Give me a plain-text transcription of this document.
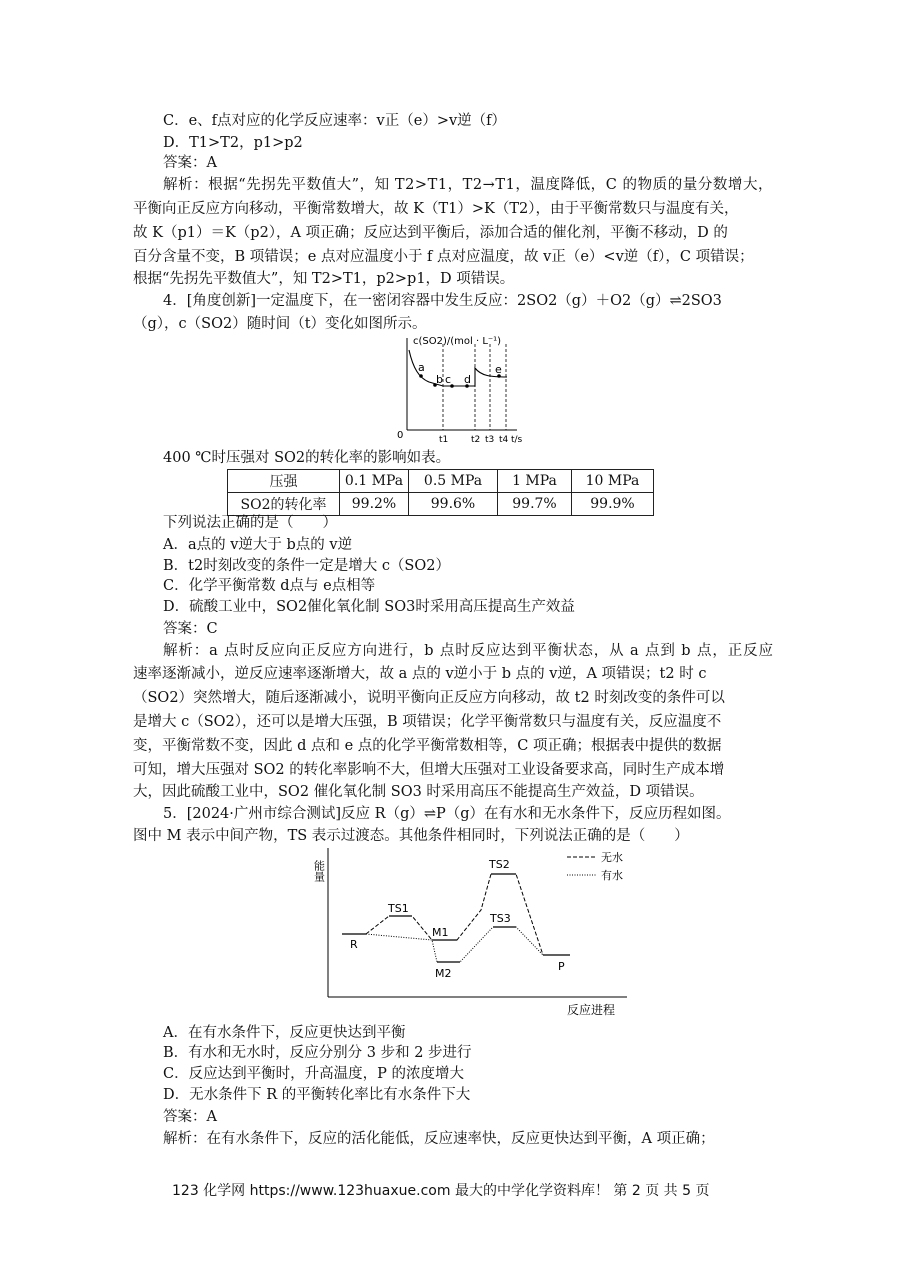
C．e、f点对应的化学反应速率：v正（e）>v逆（f）
D．T1>T2，p1>p2
答案：A
解析：根据“先拐先平数值大”，知 T2>T1，T2→T1，温度降低，C 的物质的量分数增大，
平衡向正反应方向移动，平衡常数增大，故 K（T1）>K（T2），由于平衡常数只与温度有关，
故 K（p1）＝K（p2），A 项正确；反应达到平衡后，添加合适的催化剂，平衡不移动，D 的
百分含量不变，B 项错误；e 点对应温度小于 f 点对应温度，故 v正（e）<v逆（f），C 项错误；
根据“先拐先平数值大”，知 T2>T1，p2>p1，D 项错误。
4．[角度创新]一定温度下，在一密闭容器中发生反应：2SO2（g）＋O2（g）⇌2SO3
（g），c（SO2）随时间（t）变化如图所示。
c(SO2)/(mol · L⁻¹)
a
b c d
e
0	t1	t2 t3 t4 t/s
400 ℃时压强对 SO2的转化率的影响如表。
压强	0.1 MPa	0.5 MPa	1 MPa	10 MPa
SO2的转化率	99.2%	99.6%	99.7%	99.9%
下列说法正确的是（　　）
A．a点的 v逆大于 b点的 v逆
B．t2时刻改变的条件一定是增大 c（SO2）
C．化学平衡常数 d点与 e点相等
D．硫酸工业中，SO2催化氧化制 SO3时采用高压提高生产效益
答案：C
解析：a 点时反应向正反应方向进行，b 点时反应达到平衡状态，从 a 点到 b 点，正反应
速率逐渐减小，逆反应速率逐渐增大，故 a 点的 v逆小于 b 点的 v逆，A 项错误；t2 时 c
（SO2）突然增大，随后逐渐减小，说明平衡向正反应方向移动，故 t2 时刻改变的条件可以
是增大 c（SO2），还可以是增大压强，B 项错误；化学平衡常数只与温度有关，反应温度不
变，平衡常数不变，因此 d 点和 e 点的化学平衡常数相等，C 项正确；根据表中提供的数据
可知，增大压强对 SO2 的转化率影响不大，但增大压强对工业设备要求高，同时生产成本增
大，因此硫酸工业中，SO2 催化氧化制 SO3 时采用高压不能提高生产效益，D 项错误。
5．[2024·广州市综合测试]反应 R（g）⇌P（g）在有水和无水条件下，反应历程如图。
图中 M 表示中间产物，TS 表示过渡态。其他条件相同时，下列说法正确的是（　　）
能量
反应进程
无水
有水
R
TS1
M1
TS2
TS3
M2
P
A．在有水条件下，反应更快达到平衡
B．有水和无水时，反应分别分 3 步和 2 步进行
C．反应达到平衡时，升高温度，P 的浓度增大
D．无水条件下 R 的平衡转化率比有水条件下大
答案：A
解析：在有水条件下，反应的活化能低，反应速率快，反应更快达到平衡，A 项正确；
123 化学网 https://www.123huaxue.com 最大的中学化学资料库！ 第 2 页 共 5 页
